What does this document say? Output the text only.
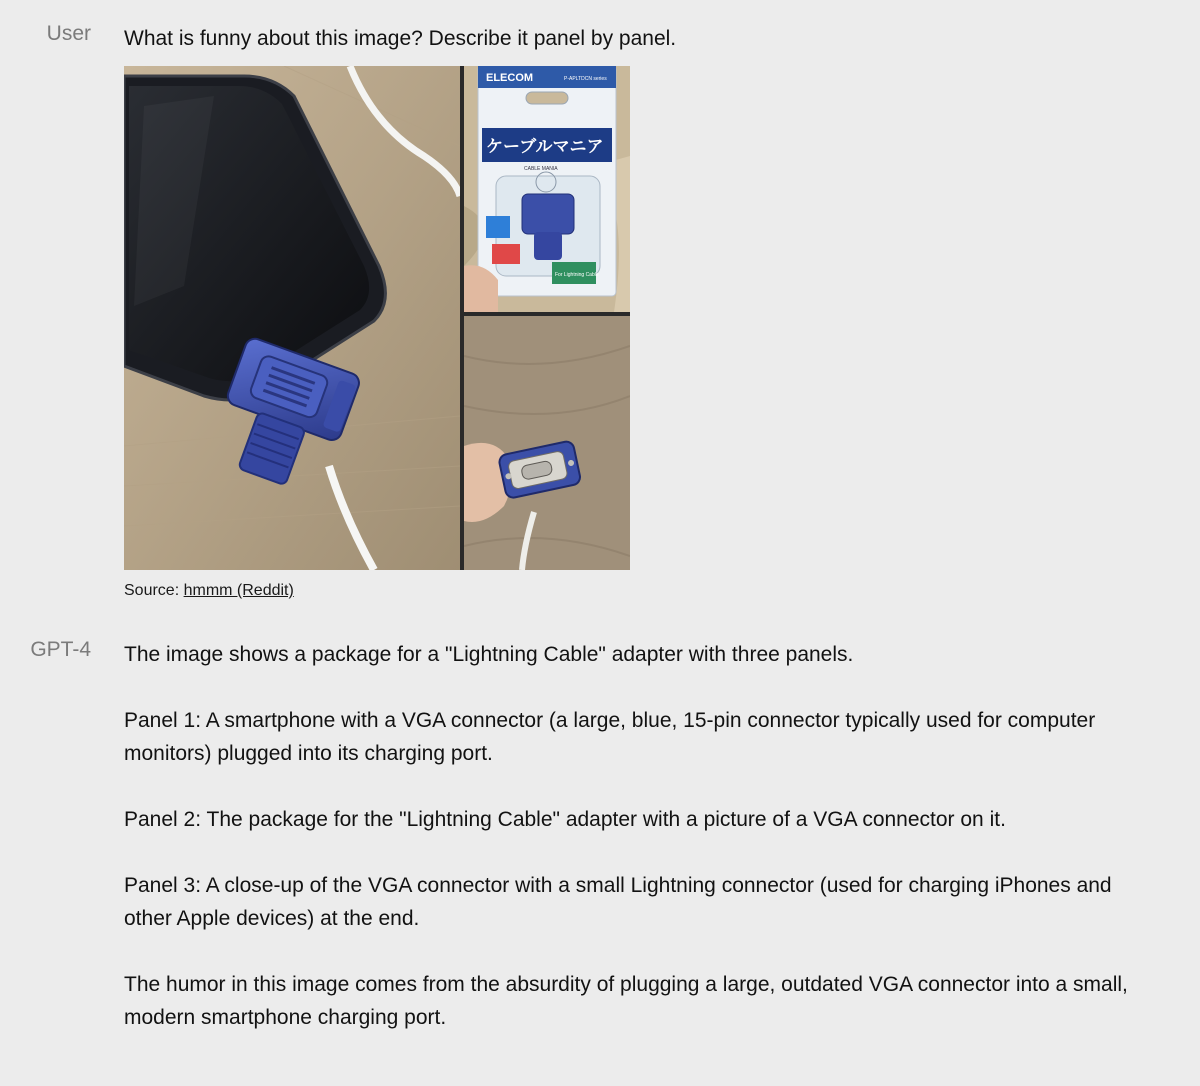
User What is funny about this image? Describe it panel by panel.
ELECOM	P-APLTDCN series
ケーブルマニア
CABLE MANIA
For Lightning Cable
Source: hmmm (Reddit)
GPT-4 The image shows a package for a "Lightning Cable" adapter with three panels.

Panel 1: A smartphone with a VGA connector (a large, blue, 15-pin connector typically used for computer monitors) plugged into its charging port.

Panel 2: The package for the "Lightning Cable" adapter with a picture of a VGA connector on it.

Panel 3: A close-up of the VGA connector with a small Lightning connector (used for charging iPhones and other Apple devices) at the end.

The humor in this image comes from the absurdity of plugging a large, outdated VGA connector into a small, modern smartphone charging port.
